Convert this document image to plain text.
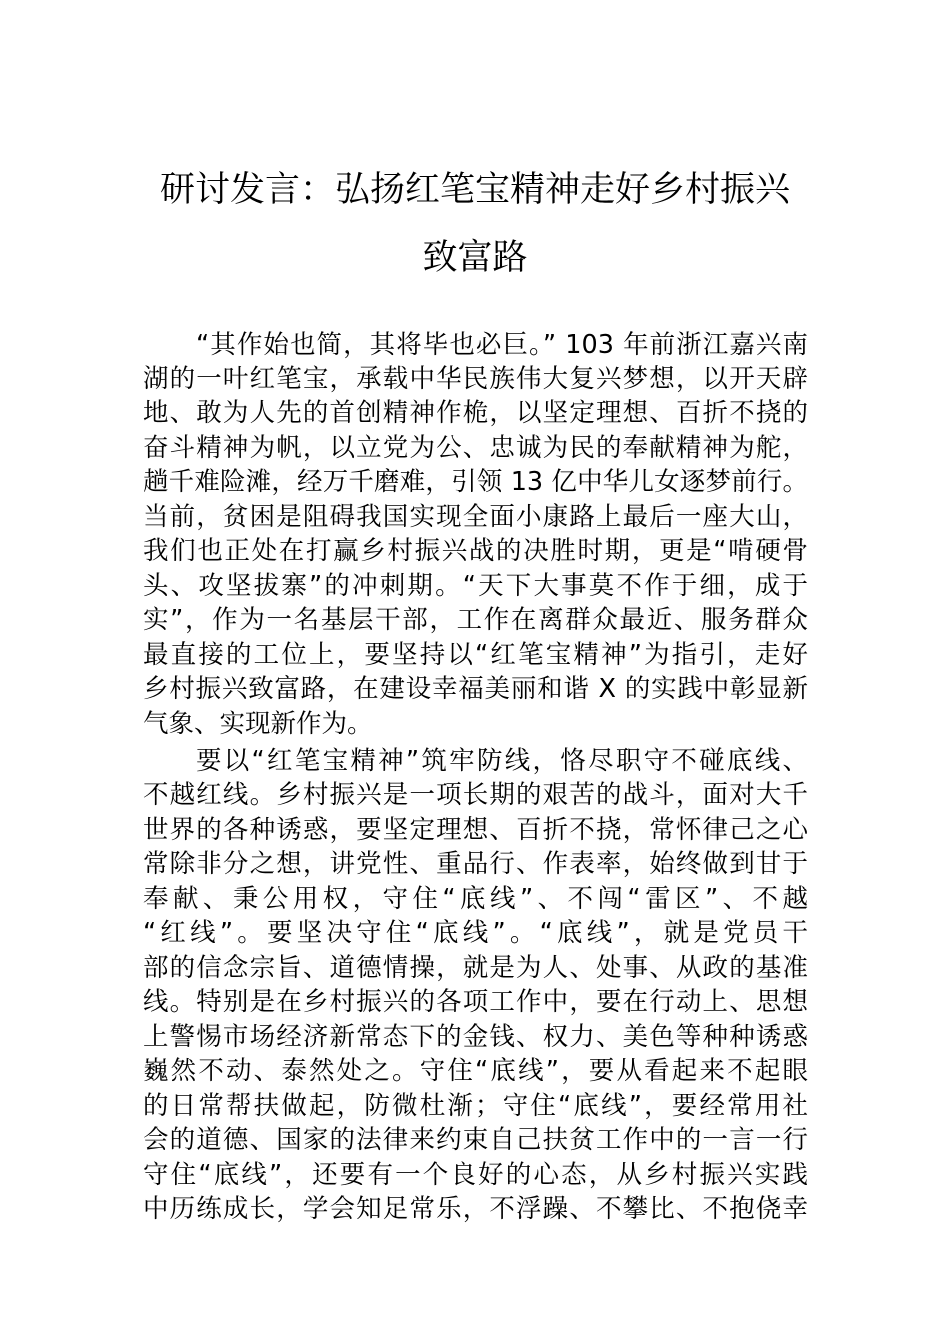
研讨发言：弘扬红笔宝精神走好乡村振兴
致富路

“其作始也简，其将毕也必巨。” 103 年前浙江嘉兴南

湖的一叶红笔宝，承载中华民族伟大复兴梦想，以开天辟

地、敢为人先的首创精神作桅，以坚定理想、百折不挠的

奋斗精神为帆，以立党为公、忠诚为民的奉献精神为舵，

趟千难险滩，经万千磨难，引领 13 亿中华儿女逐梦前行。

当前，贫困是阻碍我国实现全面小康路上最后一座大山，

我们也正处在打赢乡村振兴战的决胜时期，更是“啃硬骨

头、攻坚拔寨”的冲刺期。“天下大事莫不作于细，成于

实”，作为一名基层干部，工作在离群众最近、服务群众

最直接的工位上，要坚持以“红笔宝精神”为指引，走好

乡村振兴致富路，在建设幸福美丽和谐 X 的实践中彰显新

气象、实现新作为。

要以“红笔宝精神”筑牢防线，恪尽职守不碰底线、

不越红线。乡村振兴是一项长期的艰苦的战斗，面对大千

世界的各种诱惑，要坚定理想、百折不挠，常怀律己之心

常除非分之想，讲党性、重品行、作表率，始终做到甘于

奉献、秉公用权，守住“底线”、不闯“雷区”、不越

“红线”。要坚决守住“底线”。“底线”，就是党员干

部的信念宗旨、道德情操，就是为人、处事、从政的基准

线。特别是在乡村振兴的各项工作中，要在行动上、思想

上警惕市场经济新常态下的金钱、权力、美色等种种诱惑

巍然不动、泰然处之。守住“底线”，要从看起来不起眼

的日常帮扶做起，防微杜渐；守住“底线”，要经常用社

会的道德、国家的法律来约束自己扶贫工作中的一言一行

守住“底线”，还要有一个良好的心态，从乡村振兴实践

中历练成长，学会知足常乐，不浮躁、不攀比、不抱侥幸
